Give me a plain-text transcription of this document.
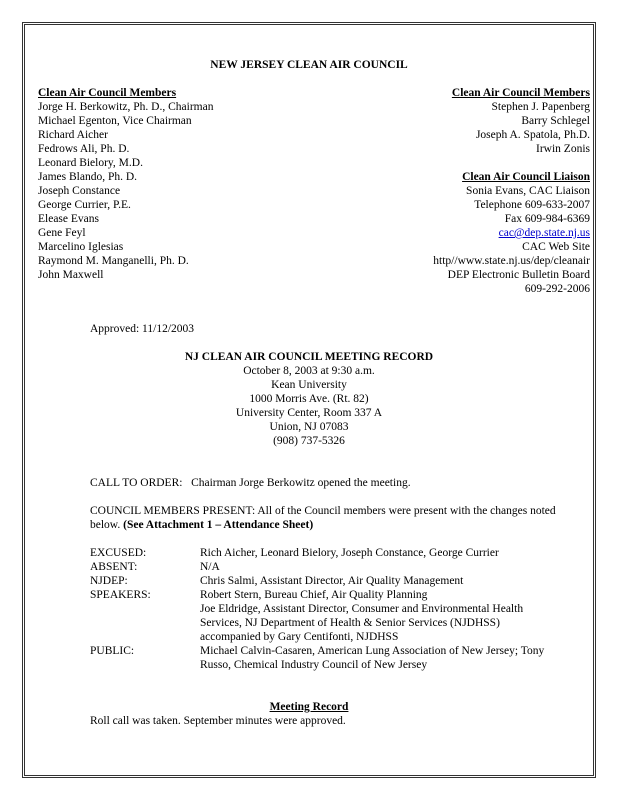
NEW JERSEY CLEAN AIR COUNCIL
Clean Air Council Members
Jorge H. Berkowitz, Ph. D., Chairman
Michael Egenton, Vice Chairman
Richard Aicher
Fedrows Ali, Ph. D.
Leonard Bielory, M.D.
James Blando, Ph. D.
Joseph Constance
George Currier, P.E.
Elease Evans
Gene Feyl
Marcelino Iglesias
Raymond M. Manganelli, Ph. D.
John Maxwell
Clean Air Council Members
Stephen J. Papenberg
Barry Schlegel
Joseph A. Spatola, Ph.D.
Irwin Zonis
Clean Air Council Liaison
Sonia Evans, CAC Liaison
Telephone 609-633-2007
Fax 609-984-6369
cac@dep.state.nj.us
CAC Web Site
http//www.state.nj.us/dep/cleanair
DEP Electronic Bulletin Board
609-292-2006
Approved: 11/12/2003
NJ CLEAN AIR COUNCIL MEETING RECORD
October 8, 2003 at 9:30 a.m.
Kean University
1000 Morris Ave. (Rt. 82)
University Center, Room 337 A
Union, NJ 07083
(908) 737-5326
CALL TO ORDER: Chairman Jorge Berkowitz opened the meeting.
COUNCIL MEMBERS PRESENT: All of the Council members were present with the changes noted below. (See Attachment 1 – Attendance Sheet)
EXCUSED:	Rich Aicher, Leonard Bielory, Joseph Constance, George Currier
ABSENT:	N/A
NJDEP:	Chris Salmi, Assistant Director, Air Quality Management
SPEAKERS:	Robert Stern, Bureau Chief, Air Quality Planning
Joe Eldridge, Assistant Director, Consumer and Environmental Health Services, NJ Department of Health & Senior Services (NJDHSS) accompanied by Gary Centifonti, NJDHSS
PUBLIC:	Michael Calvin-Casaren, American Lung Association of New Jersey; Tony Russo, Chemical Industry Council of New Jersey
Meeting Record
Roll call was taken. September minutes were approved.
